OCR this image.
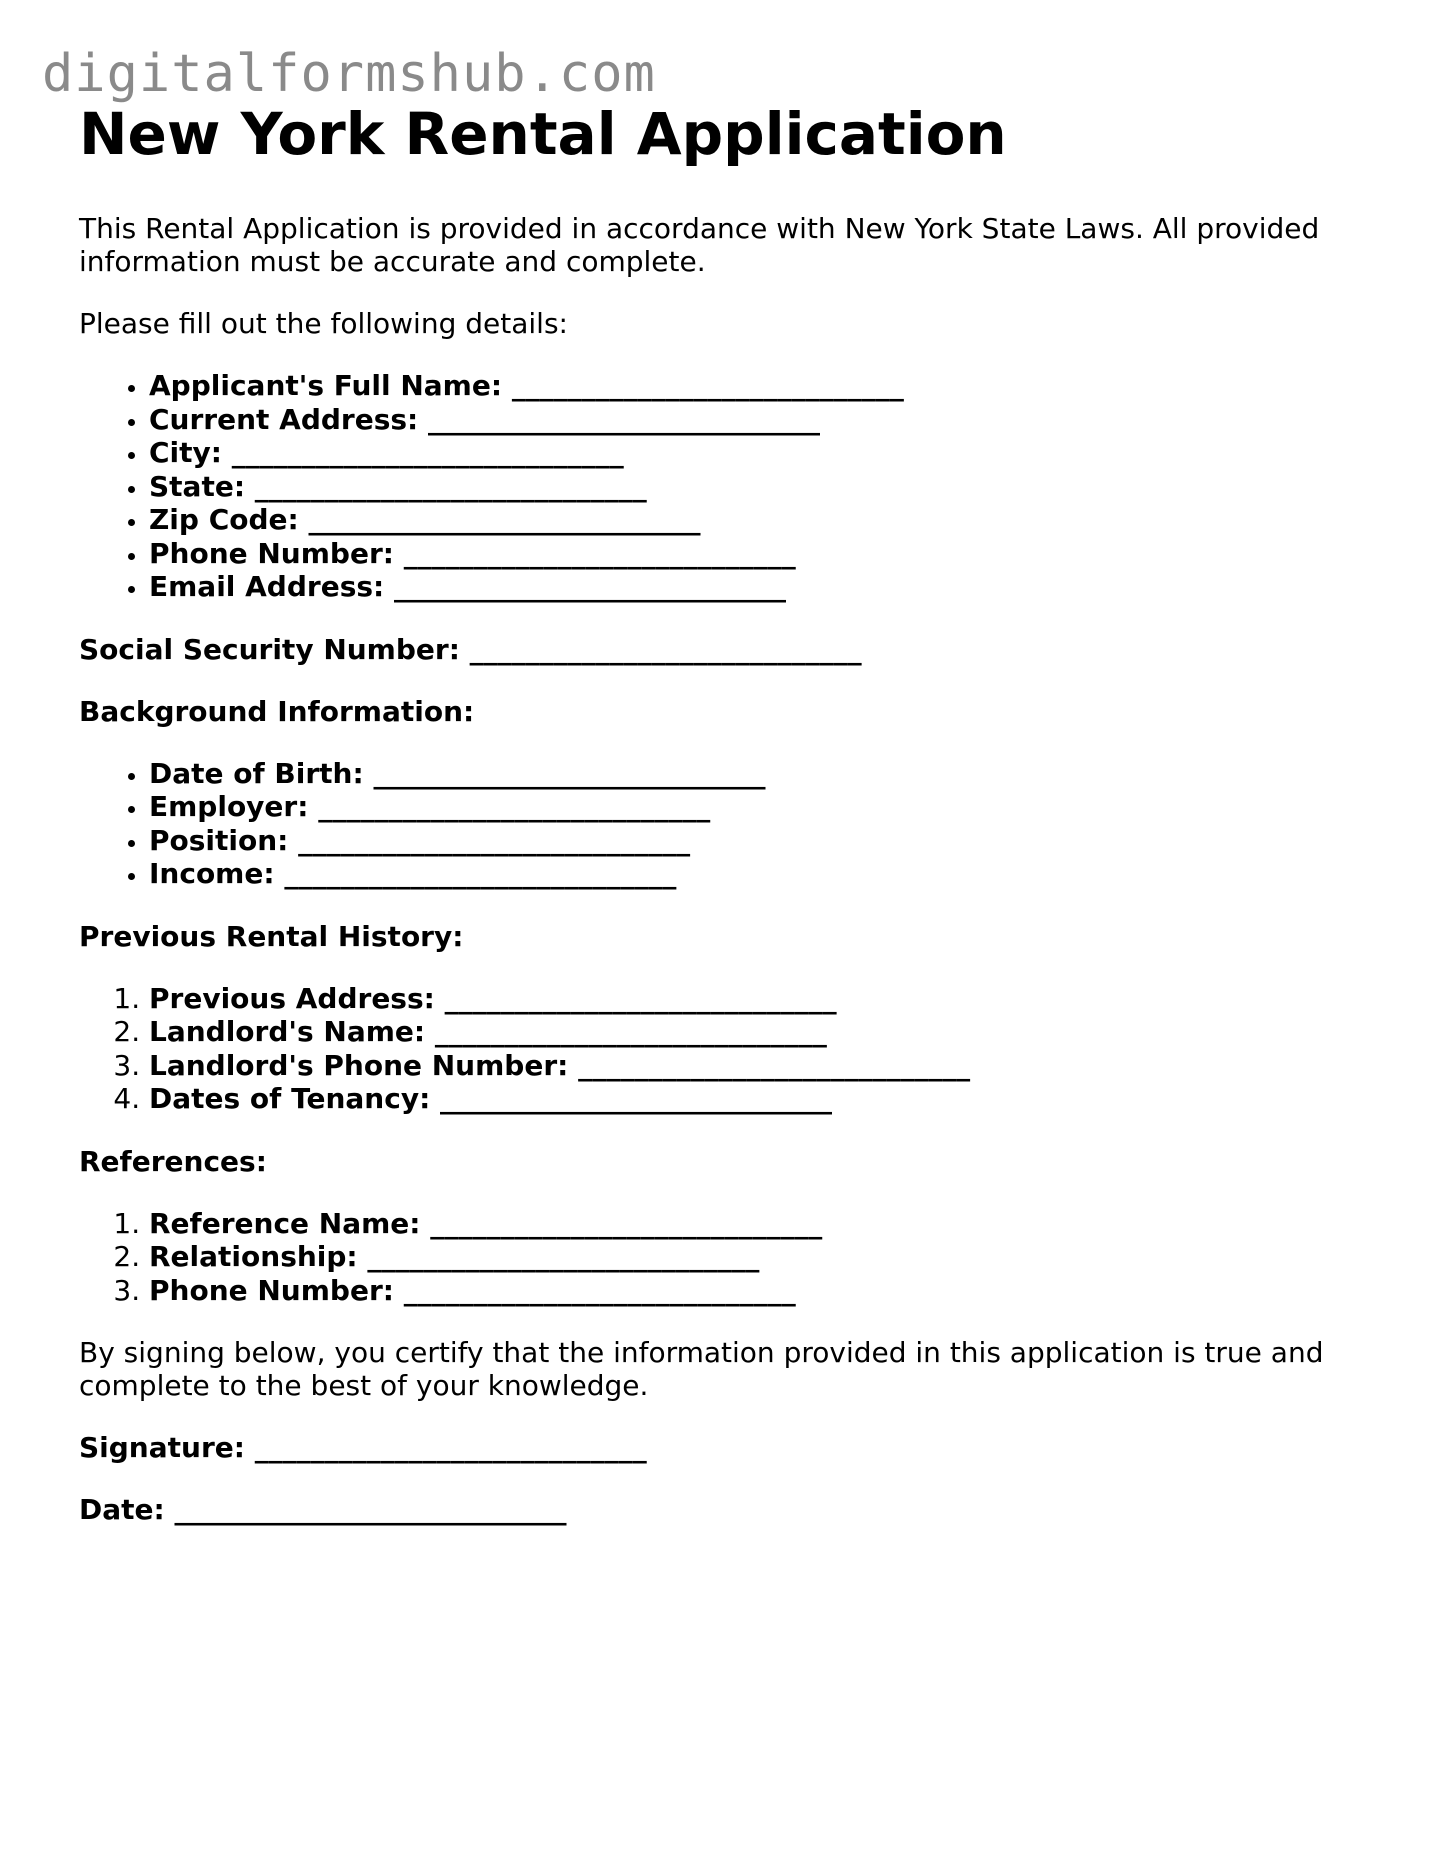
digitalformshub.com
New York Rental Application

This Rental Application is provided in accordance with New York State Laws. All provided information must be accurate and complete.

Please fill out the following details:

• Applicant's Full Name: ____________________________
• Current Address: ____________________________
• City: ____________________________
• State: ____________________________
• Zip Code: ____________________________
• Phone Number: ____________________________
• Email Address: ____________________________

Social Security Number: ____________________________

Background Information:

• Date of Birth: ____________________________
• Employer: ____________________________
• Position: ____________________________
• Income: ____________________________

Previous Rental History:

1. Previous Address: ____________________________
2. Landlord's Name: ____________________________
3. Landlord's Phone Number: ____________________________
4. Dates of Tenancy: ____________________________

References:

1. Reference Name: ____________________________
2. Relationship: ____________________________
3. Phone Number: ____________________________

By signing below, you certify that the information provided in this application is true and complete to the best of your knowledge.

Signature: ____________________________

Date: ____________________________
